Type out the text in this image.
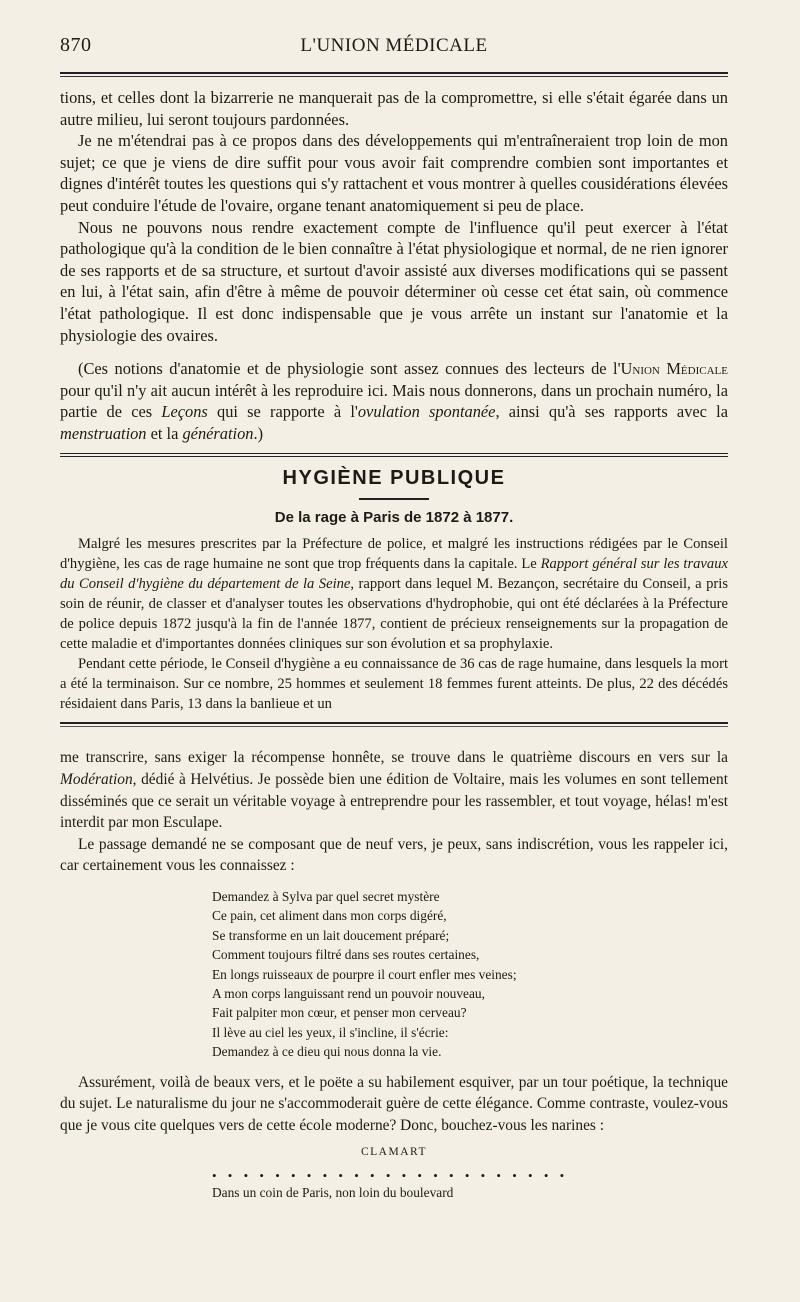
870	L'UNION MÉDICALE

tions, et celles dont la bizarrerie ne manquerait pas de la compromettre, si elle s'était égarée dans un autre milieu, lui seront toujours pardonnées.

Je ne m'étendrai pas à ce propos dans des développements qui m'entraîneraient trop loin de mon sujet; ce que je viens de dire suffit pour vous avoir fait comprendre combien sont importantes et dignes d'intérêt toutes les questions qui s'y rattachent et vous montrer à quelles cousidérations élevées peut conduire l'étude de l'ovaire, organe tenant anatomiquement si peu de place.

Nous ne pouvons nous rendre exactement compte de l'influence qu'il peut exercer à l'état pathologique qu'à la condition de le bien connaître à l'état physiologique et normal, de ne rien ignorer de ses rapports et de sa structure, et surtout d'avoir assisté aux diverses modifications qui se passent en lui, à l'état sain, afin d'être à même de pouvoir déterminer où cesse cet état sain, où commence l'état pathologique. Il est donc indispensable que je vous arrête un instant sur l'anatomie et la physiologie des ovaires.

(Ces notions d'anatomie et de physiologie sont assez connues des lecteurs de l'Union Médicale pour qu'il n'y ait aucun intérêt à les reproduire ici. Mais nous donnerons, dans un prochain numéro, la partie de ces Leçons qui se rapporte à l'ovulation spontanée, ainsi qu'à ses rapports avec la menstruation et la génération.)

HYGIÈNE PUBLIQUE
De la rage à Paris de 1872 à 1877.

Malgré les mesures prescrites par la Préfecture de police, et malgré les instructions rédigées par le Conseil d'hygiène, les cas de rage humaine ne sont que trop fréquents dans la capitale. Le Rapport général sur les travaux du Conseil d'hygiène du département de la Seine, rapport dans lequel M. Bezançon, secrétaire du Conseil, a pris soin de réunir, de classer et d'analyser toutes les observations d'hydrophobie, qui ont été déclarées à la Préfecture de police depuis 1872 jusqu'à la fin de l'année 1877, contient de précieux renseignements sur la propagation de cette maladie et d'importantes données cliniques sur son évolution et sa prophylaxie.

Pendant cette période, le Conseil d'hygiène a eu connaissance de 36 cas de rage humaine, dans lesquels la mort a été la terminaison. Sur ce nombre, 25 hommes et seulement 18 femmes furent atteints. De plus, 22 des décédés résidaient dans Paris, 13 dans la banlieue et un

me transcrire, sans exiger la récompense honnête, se trouve dans le quatrième discours en vers sur la Modération, dédié à Helvétius. Je possède bien une édition de Voltaire, mais les volumes en sont tellement disséminés que ce serait un véritable voyage à entreprendre pour les rassembler, et tout voyage, hélas! m'est interdit par mon Esculape.

Le passage demandé ne se composant que de neuf vers, je peux, sans indiscrétion, vous les rappeler ici, car certainement vous les connaissez :

Demandez à Sylva par quel secret mystère
Ce pain, cet aliment dans mon corps digéré,
Se transforme en un lait doucement préparé;
Comment toujours filtré dans ses routes certaines,
En longs ruisseaux de pourpre il court enfler mes veines;
A mon corps languissant rend un pouvoir nouveau,
Fait palpiter mon cœur, et penser mon cerveau?
Il lève au ciel les yeux, il s'incline, il s'écrie:
Demandez à ce dieu qui nous donna la vie.

Assurément, voilà de beaux vers, et le poëte a su habilement esquiver, par un tour poétique, la technique du sujet. Le naturalisme du jour ne s'accommoderait guère de cette élégance. Comme contraste, voulez-vous que je vous cite quelques vers de cette école moderne? Donc, bouchez-vous les narines :

CLAMART
• • • • • • • • • • • • • • • • • • • • • • •
Dans un coin de Paris, non loin du boulevard
